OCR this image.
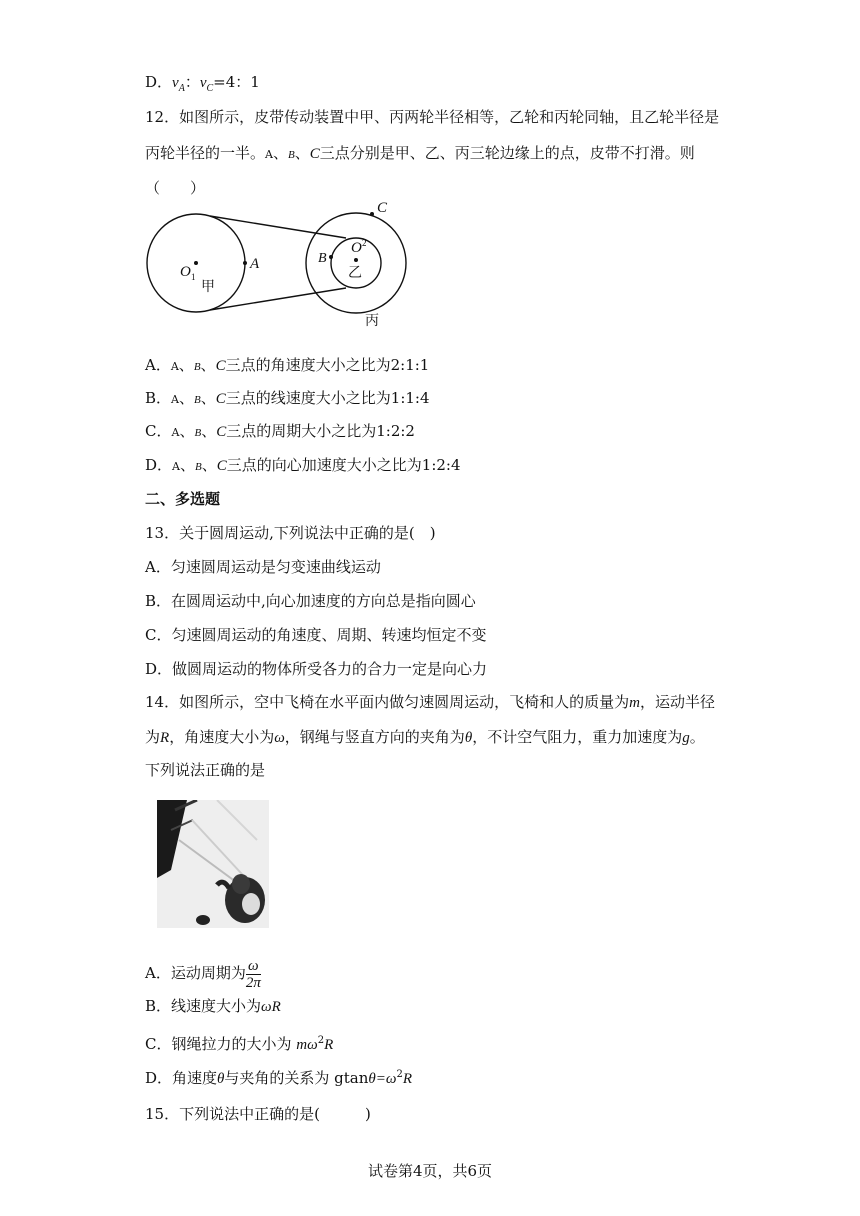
D．$v_A$：$v_C=4$：1
12．如图所示，皮带传动装置中甲、丙两轮半径相等，乙轮和丙轮同轴，且乙轮半径是
丙轮半径的一半。A、B、C三点分别是甲、乙、丙三轮边缘上的点，皮带不打滑。则
（　　）
O 1
甲
A	B
C
O 2
乙
丙
A．A、B、C三点的角速度大小之比为2:1:1
B．A、B、C三点的线速度大小之比为1:1:4
C．A、B、C三点的周期大小之比为1:2:2
D．A、B、C三点的向心加速度大小之比为1:2:4
二、多选题
13．关于圆周运动,下列说法中正确的是(　)
A．匀速圆周运动是匀变速曲线运动
B．在圆周运动中,向心加速度的方向总是指向圆心
C．匀速圆周运动的角速度、周期、转速均恒定不变
D．做圆周运动的物体所受各力的合力一定是向心力
14．如图所示，空中飞椅在水平面内做匀速圆周运动，飞椅和人的质量为m，运动半径
为R，角速度大小为ω，钢绳与竖直方向的夹角为θ，不计空气阻力，重力加速度为g。
下列说法正确的是
A．运动周期为 $\frac{\omega}{2\pi}$
B．线速度大小为ωR
C．钢绳拉力的大小为 $m\omega^2R$
D．角速度θ与夹角的关系为 $gtan\theta=\omega^2R$
15．下列说法中正确的是(　　　)
试卷第4页，共6页
